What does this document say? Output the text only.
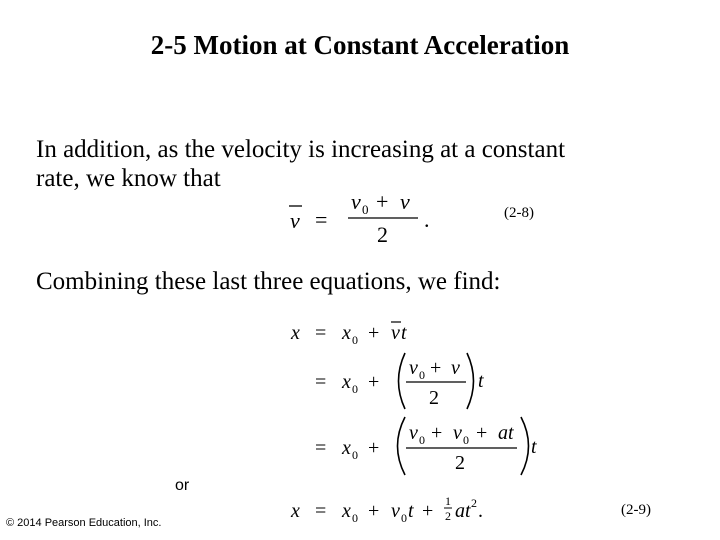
2-5 Motion at Constant Acceleration
In addition, as the velocity is increasing at a constant
rate, we know that
v =
v 0 + v
2
.	(2-8)
Combining these last three equations, we find:
x = x 0 + v t
= x 0 +
v 0 + v
2
t
= x 0 +
v 0 + v 0 + at
2
t
x = x 0 + v 0 t + 1
2 at 2 .
or
(2-9)
© 2014 Pearson Education, Inc.
